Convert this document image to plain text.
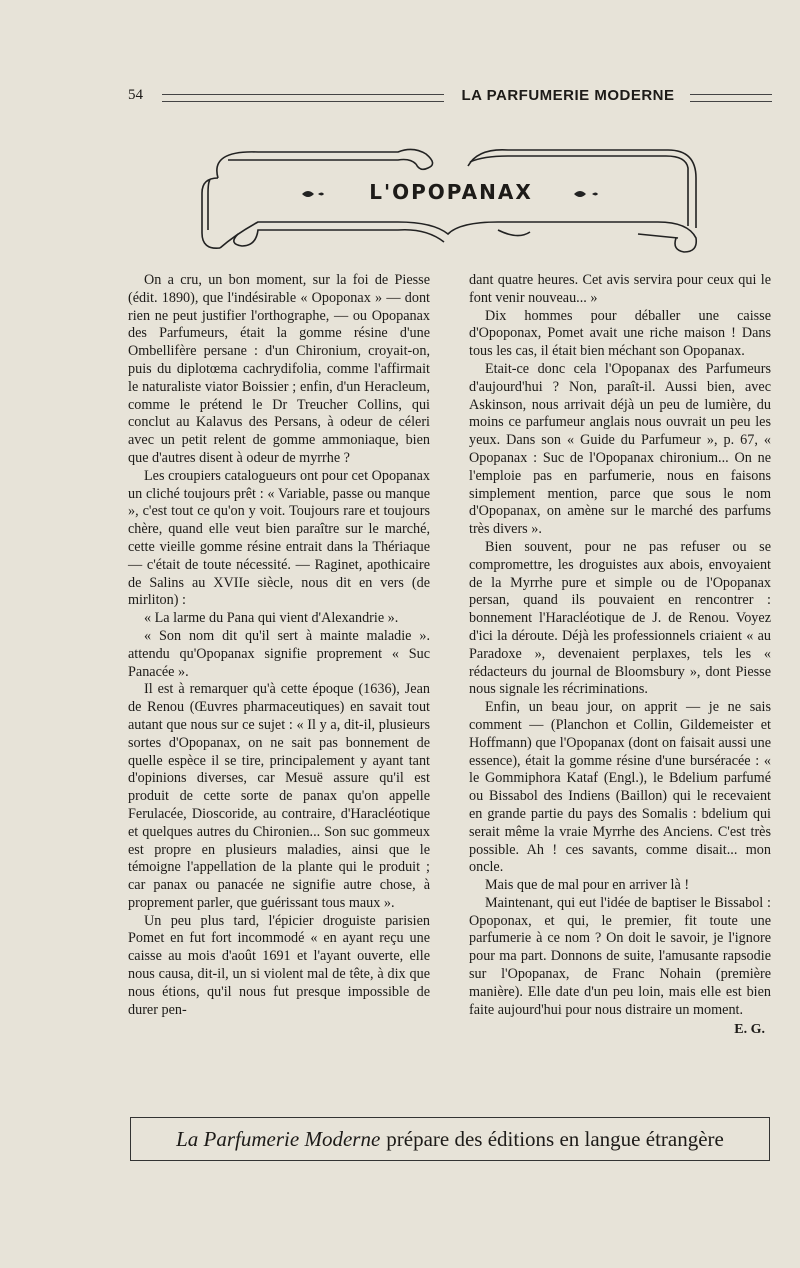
54	LA PARFUMERIE MODERNE
L'OPOPANAX

On a cru, un bon moment, sur la foi de Piesse (édit. 1890), que l'indésirable « Opoponax » — dont rien ne peut justifier l'orthographe, — ou Opopanax des Parfumeurs, était la gomme résine d'une Ombellifère persane : d'un Chironium, croyait-on, puis du diplotœma cachrydifolia, comme l'affirmait le naturaliste viator Boissier ; enfin, d'un Heracleum, comme le prétend le Dr Treucher Collins, qui conclut au Kalavus des Persans, à odeur de céleri avec un petit relent de gomme ammoniaque, bien que d'autres disent à odeur de myrrhe ?

Les croupiers catalogueurs ont pour cet Opopanax un cliché toujours prêt : « Variable, passe ou manque », c'est tout ce qu'on y voit. Toujours rare et toujours chère, quand elle veut bien paraître sur le marché, cette vieille gomme résine entrait dans la Thériaque — c'était de toute nécessité. — Raginet, apothicaire de Salins au XVIIe siècle, nous dit en vers (de mirliton) :

« La larme du Pana qui vient d'Alexandrie ».

« Son nom dit qu'il sert à mainte maladie ». attendu qu'Opopanax signifie proprement « Suc Panacée ».

Il est à remarquer qu'à cette époque (1636), Jean de Renou (Œuvres pharmaceutiques) en savait tout autant que nous sur ce sujet : « Il y a, dit-il, plusieurs sortes d'Opopanax, on ne sait pas bonnement de quelle espèce il se tire, principalement y ayant tant d'opinions diverses, car Mesuë assure qu'il est produit de cette sorte de panax qu'on appelle Ferulacée, Dioscoride, au contraire, d'Haracléotique et quelques autres du Chironien... Son suc gommeux est propre en plusieurs maladies, ainsi que le témoigne l'appellation de la plante qui le produit ; car panax ou panacée ne signifie autre chose, à proprement parler, que guérissant tous maux ».

Un peu plus tard, l'épicier droguiste parisien Pomet en fut fort incommodé « en ayant reçu une caisse au mois d'août 1691 et l'ayant ouverte, elle nous causa, dit-il, un si violent mal de tête, à dix que nous étions, qu'il nous fut presque impossible de durer pen-

dant quatre heures. Cet avis servira pour ceux qui le font venir nouveau... »

Dix hommes pour déballer une caisse d'Opoponax, Pomet avait une riche maison ! Dans tous les cas, il était bien méchant son Opopanax.

Etait-ce donc cela l'Opopanax des Parfumeurs d'aujourd'hui ? Non, paraît-il. Aussi bien, avec Askinson, nous arrivait déjà un peu de lumière, du moins ce parfumeur anglais nous ouvrait un peu les yeux. Dans son « Guide du Parfumeur », p. 67, « Opopanax : Suc de l'Opopanax chironium... On ne l'emploie pas en parfumerie, nous en faisons simplement mention, parce que sous le nom d'Opopanax, on amène sur le marché des parfums très divers ».

Bien souvent, pour ne pas refuser ou se compromettre, les droguistes aux abois, envoyaient de la Myrrhe pure et simple ou de l'Opopanax persan, quand ils pouvaient en rencontrer : bonnement l'Haracléotique de J. de Renou. Voyez d'ici la déroute. Déjà les professionnels criaient « au Paradoxe », devenaient perplaxes, tels les « rédacteurs du journal de Bloomsbury », dont Piesse nous signale les récriminations.

Enfin, un beau jour, on apprit — je ne sais comment — (Planchon et Collin, Gildemeister et Hoffmann) que l'Opopanax (dont on faisait aussi une essence), était la gomme résine d'une burséracée : « le Gommiphora Kataf (Engl.), le Bdelium parfumé ou Bissabol des Indiens (Baillon) qui le recevaient en grande partie du pays des Somalis : bdelium qui serait même la vraie Myrrhe des Anciens. C'est très possible. Ah ! ces savants, comme disait... mon oncle.

Mais que de mal pour en arriver là !

Maintenant, qui eut l'idée de baptiser le Bissabol : Opoponax, et qui, le premier, fit toute une parfumerie à ce nom ? On doit le savoir, je l'ignore pour ma part. Donnons de suite, l'amusante rapsodie sur l'Opopanax, de Franc Nohain (première manière). Elle date d'un peu loin, mais elle est bien faite aujourd'hui pour nous distraire un moment.

E. G.
La Parfumerie Moderne prépare des éditions en langue étrangère
